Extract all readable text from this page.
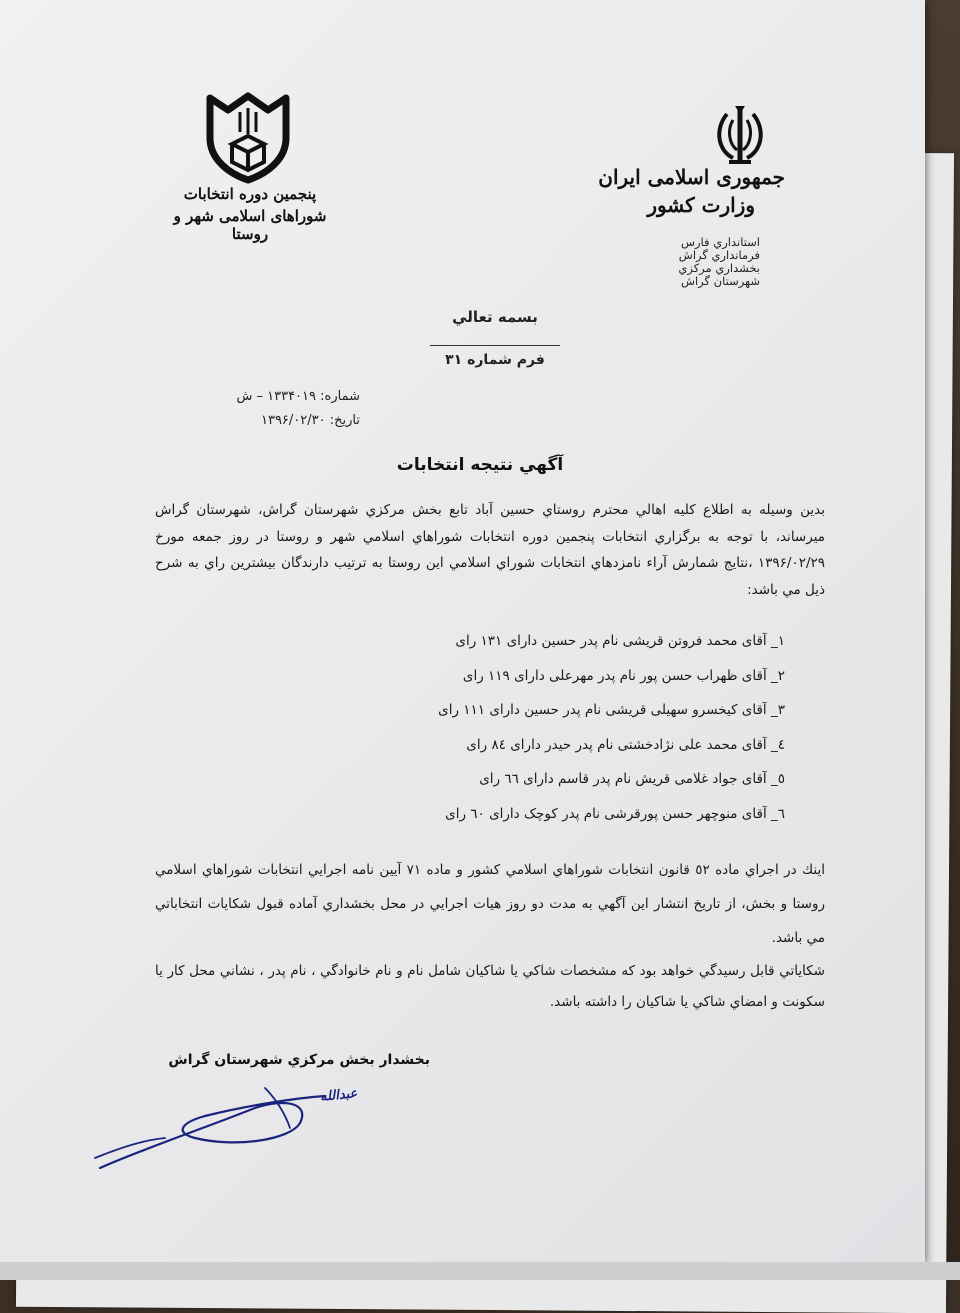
جمهوری اسلامی ایران
وزارت کشور
استانداري فارس
فرمانداري گراش
بخشداري مركزي
شهرستان گراش
پنجمین دوره انتخابات
شوراهای اسلامی شهر و روستا
بسمه تعالي
فرم شماره ۳۱
شماره: ۱۳۳۴۰۱۹ – ش
تاريخ: ۱۳۹۶/۰۲/۳۰
آگهي نتيجه انتخابات
بدين وسيله به اطلاع كليه اهالي محترم روستاي حسين آباد تابع بخش مركزي شهرستان گراش، شهرستان گراش ميرساند، با توجه به برگزاري انتخابات پنجمين دوره انتخابات شوراهاي اسلامي شهر و روستا در روز جمعه مورخ ۱۳۹۶/۰۲/۲۹ ،نتايج شمارش آراء نامزدهاي انتخابات شوراي اسلامي اين روستا به ترتيب دارندگان بيشترين راي به شرح ذيل مي باشد:
۱_ آقای محمد فروتن قریشی نام پدر حسین دارای ۱۳۱ رای
۲_ آقای ظهراب حسن پور نام پدر مهرعلی دارای ۱۱۹ رای
۳_ آقای کیخسرو سهیلی قریشی نام پدر حسین دارای ۱۱۱ رای
٤_ آقای محمد علی نژادخشتی نام پدر حیدر دارای ۸٤ رای
٥_ آقای جواد غلامی قریش نام پدر قاسم دارای ٦٦ رای
٦_ آقای منوچهر حسن پورقرشی نام پدر کوچک دارای ٦۰ رای
اينك در اجراي ماده ٥۲ قانون انتخابات شوراهاي اسلامي كشور و ماده ۷۱ آيين نامه اجرايي انتخابات شوراهاي اسلامي روستا و بخش، از تاريخ انتشار اين آگهي به مدت دو روز هيات اجرايي در محل بخشداري آماده قبول شكايات انتخاباتي مي باشد.
شكاياتي قابل رسيدگي خواهد بود كه مشخصات شاكي يا شاكيان شامل نام و نام خانوادگي ، نام پدر ، نشاني محل كار يا سكونت و امضاي شاكي يا شاكيان را داشته باشد.
بخشدار بخش مركزي شهرستان گراش
عبدالله
